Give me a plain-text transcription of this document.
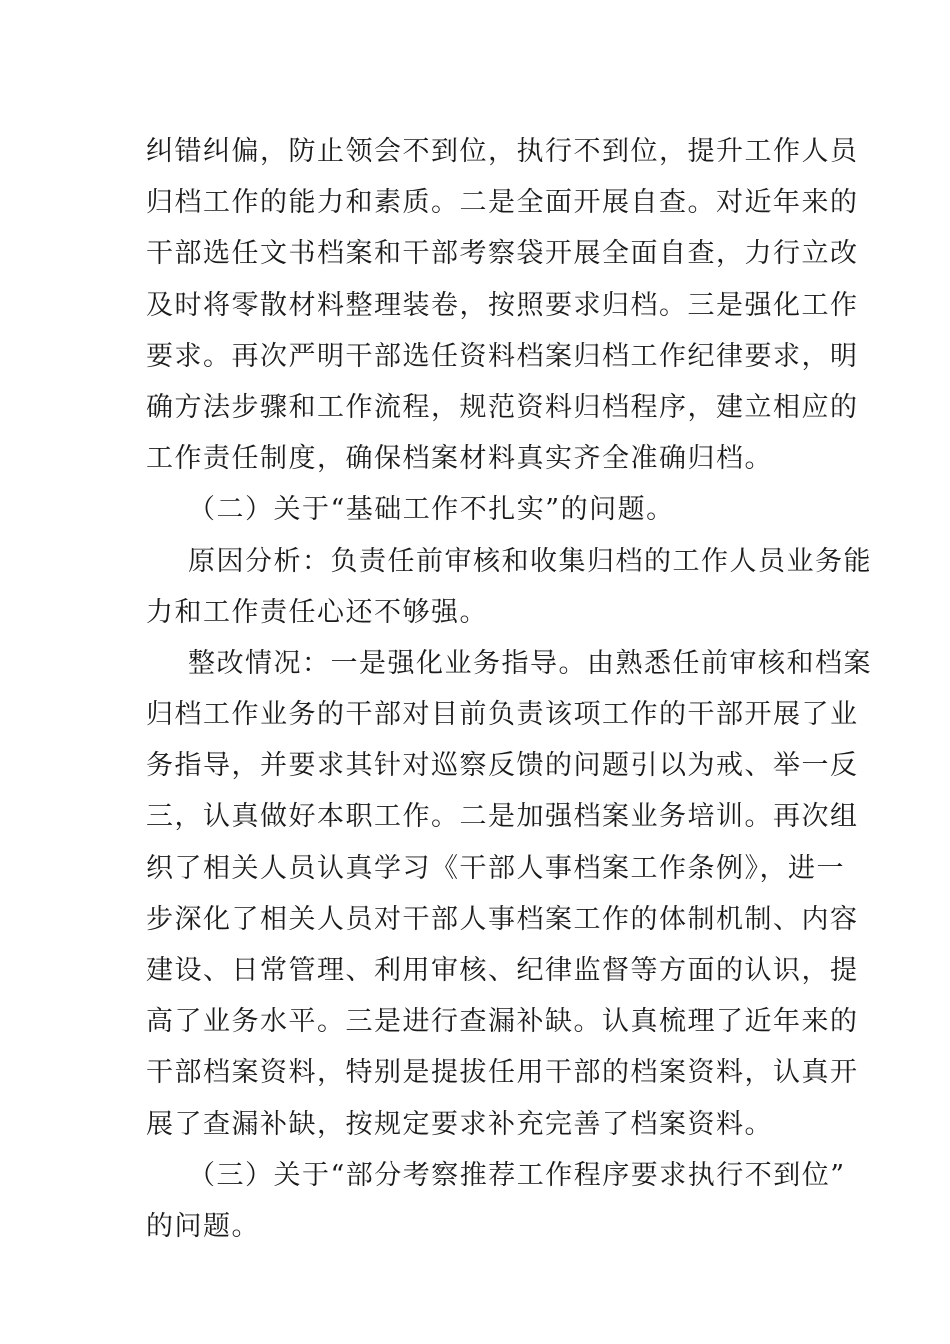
纠错纠偏，防止领会不到位，执行不到位，提升工作人员
归档工作的能力和素质。二是全面开展自查。对近年来的
干部选任文书档案和干部考察袋开展全面自查，力行立改
及时将零散材料整理装卷，按照要求归档。三是强化工作
要求。再次严明干部选任资料档案归档工作纪律要求，明
确方法步骤和工作流程，规范资料归档程序，建立相应的
工作责任制度，确保档案材料真实齐全准确归档。
（二）关于“基础工作不扎实”的问题。
原因分析：负责任前审核和收集归档的工作人员业务能
力和工作责任心还不够强。
整改情况：一是强化业务指导。由熟悉任前审核和档案
归档工作业务的干部对目前负责该项工作的干部开展了业
务指导，并要求其针对巡察反馈的问题引以为戒、举一反
三，认真做好本职工作。二是加强档案业务培训。再次组
织了相关人员认真学习《干部人事档案工作条例》，进一
步深化了相关人员对干部人事档案工作的体制机制、内容
建设、日常管理、利用审核、纪律监督等方面的认识，提
高了业务水平。三是进行查漏补缺。认真梳理了近年来的
干部档案资料，特别是提拔任用干部的档案资料，认真开
展了查漏补缺，按规定要求补充完善了档案资料。
（三）关于“部分考察推荐工作程序要求执行不到位”
的问题。
